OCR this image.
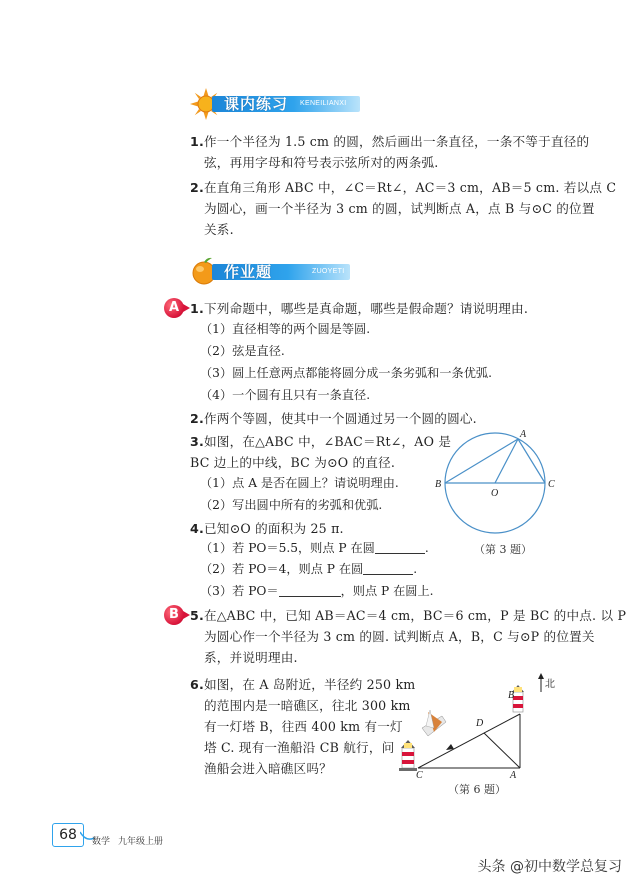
课内练习 KENEILIANXI
1. 作一个半径为 1.5 cm 的圆，然后画出一条直径，一条不等于直径的
弦，再用字母和符号表示弦所对的两条弧.
2. 在直角三角形 ABC 中，∠C＝Rt∠，AC＝3 cm，AB＝5 cm. 若以点 C
为圆心，画一个半径为 3 cm 的圆，试判断点 A，点 B 与⊙C 的位置
关系.
作业题	ZUOYETI
A 1. 下列命题中，哪些是真命题，哪些是假命题？请说明理由.
（1）直径相等的两个圆是等圆.
（2）弦是直径.
（3）圆上任意两点都能将圆分成一条劣弧和一条优弧.
（4）一个圆有且只有一条直径.
2. 作两个等圆，使其中一个圆通过另一个圆的圆心.
3. 如图，在△ABC 中，∠BAC＝Rt∠，AO 是
BC 边上的中线，BC 为⊙O 的直径.
（1）点 A 是否在圆上？请说明理由.
（2）写出圆中所有的劣弧和优弧.
4. 已知⊙O 的面积为 25 π.
（1）若 PO＝5.5，则点 P 在圆	.
（2）若 PO＝4，则点 P 在圆	.
（3）若 PO＝	，则点 P 在圆上.
A
B	C
O
（第 3 题）
B 5. 在△ABC 中，已知 AB＝AC＝4 cm，BC＝6 cm，P 是 BC 的中点. 以 P
为圆心作一个半径为 3 cm 的圆. 试判断点 A，B，C 与⊙P 的位置关
系，并说明理由.
6. 如图，在 A 岛附近，半径约 250 km
的范围内是一暗礁区，往北 300 km
有一灯塔 B，往西 400 km 有一灯
塔 C. 现有一渔船沿 CB 航行，问
渔船会进入暗礁区吗？
北
A
B
C
D
（第 6 题）
68	数学 九年级上册
头条 @初中数学总复习
